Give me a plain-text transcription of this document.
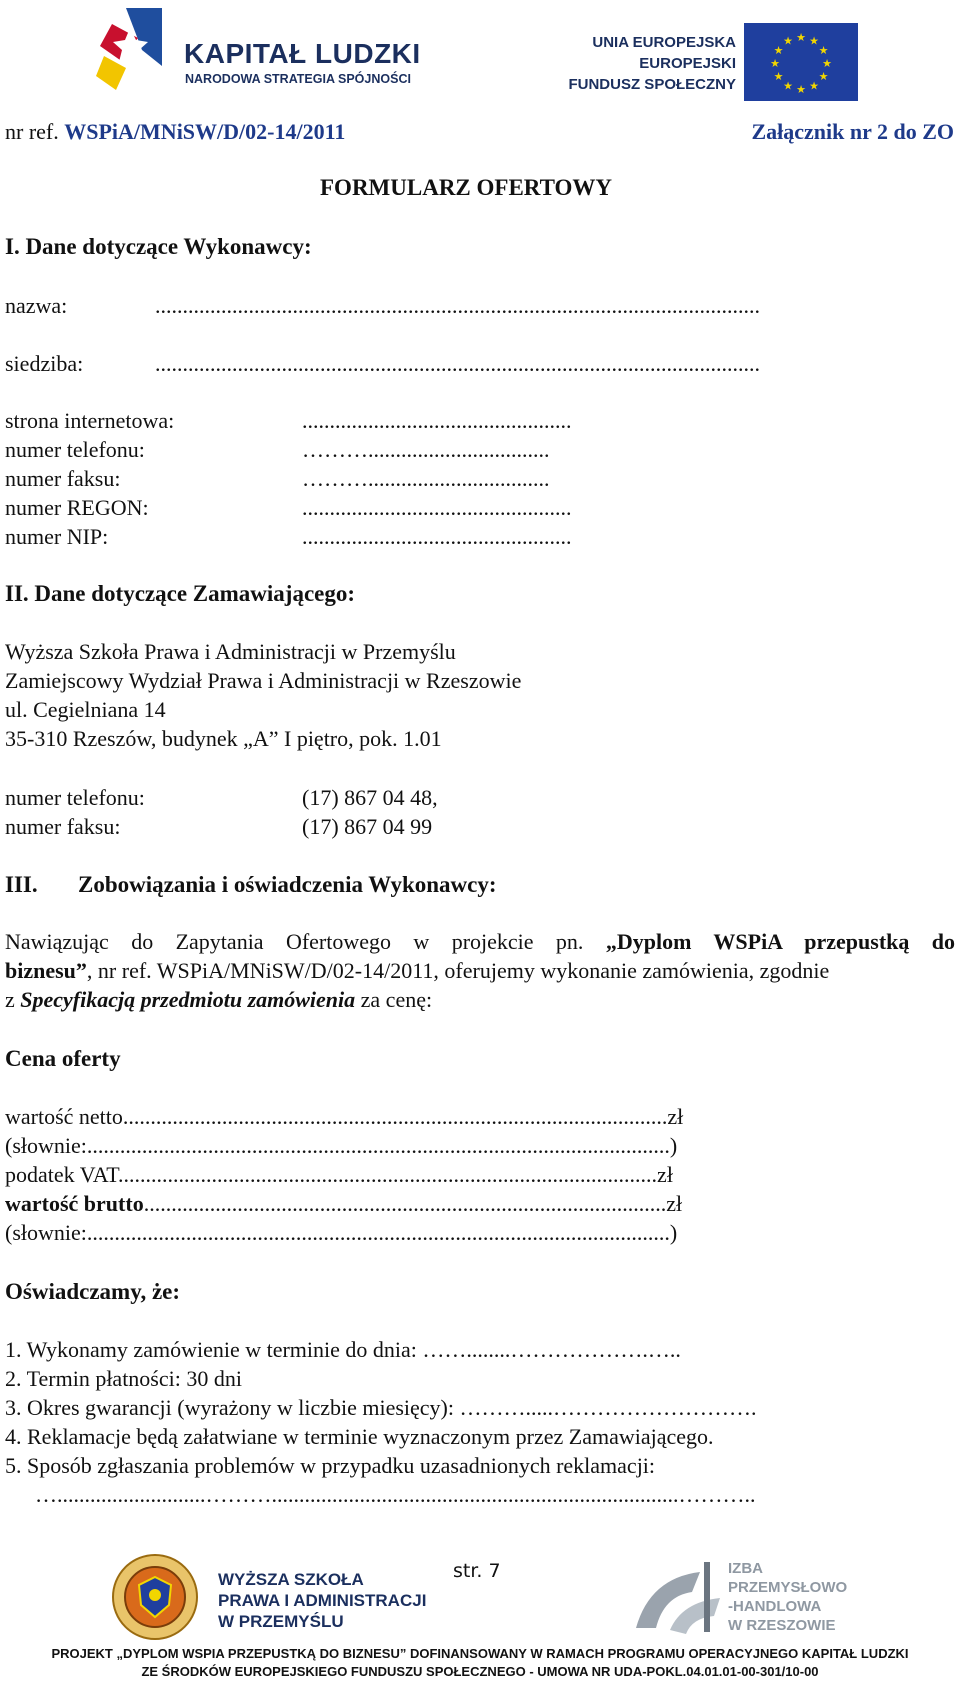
KAPITAŁ LUDZKI
NARODOWA STRATEGIA SPÓJNOŚCI
UNIA EUROPEJSKA
EUROPEJSKI
FUNDUSZ SPOŁECZNY
★ ★
★
★
★
★
★
★
★
★
★
★
nr ref. WSPiA/MNiSW/D/02-14/2011	Załącznik nr 2 do ZO
FORMULARZ OFERTOWY
I. Dane dotyczące Wykonawcy:
nazwa:	..............................................................................................................
siedziba:	..............................................................................................................
strona internetowa:	.................................................
numer telefonu:	……….................................
numer faksu:	……….................................
numer REGON:	.................................................
numer NIP:	.................................................
II. Dane dotyczące Zamawiającego:
Wyższa Szkoła Prawa i Administracji w Przemyślu
Zamiejscowy Wydział Prawa i Administracji w Rzeszowie
ul. Cegielniana 14
35-310 Rzeszów, budynek „A” I piętro, pok. 1.01
numer telefonu:	(17) 867 04 48,
numer faksu:	(17) 867 04 99
III. Zobowiązania i oświadczenia Wykonawcy:
Nawiązując do Zapytania Ofertowego w projekcie pn. „Dyplom WSPiA przepustką do
biznesu”, nr ref. WSPiA/MNiSW/D/02-14/2011, oferujemy wykonanie zamówienia, zgodnie
z Specyfikacją przedmiotu zamówienia za cenę:
Cena oferty
wartość netto...................................................................................................zł
(słownie:..........................................................................................................)
podatek VAT..................................................................................................zł
wartość brutto...............................................................................................zł
(słownie:..........................................................................................................)
Oświadczamy, że:
1. Wykonamy zamówienie w terminie do dnia: ……........……………….…..
2. Termin płatności: 30 dni
3. Okres gwarancji (wyrażony w liczbie miesięcy): ……….....……………………….
4. Reklamacje będą załatwiane w terminie wyznaczonym przez Zamawiającego.
5. Sposób zgłaszania problemów w przypadku uzasadnionych reklamacji:
…...........................………..........................................................................………..
WYŻSZA SZKOŁA
PRAWA I ADMINISTRACJI
W PRZEMYŚLU
str. 7	IZBA
PRZEMYSŁOWO
-HANDLOWA
W RZESZOWIE
PROJEKT „DYPLOM WSPIA PRZEPUSTKĄ DO BIZNESU” DOFINANSOWANY W RAMACH PROGRAMU OPERACYJNEGO KAPITAŁ LUDZKI
ZE ŚRODKÓW EUROPEJSKIEGO FUNDUSZU SPOŁECZNEGO - UMOWA NR UDA-POKL.04.01.01-00-301/10-00
